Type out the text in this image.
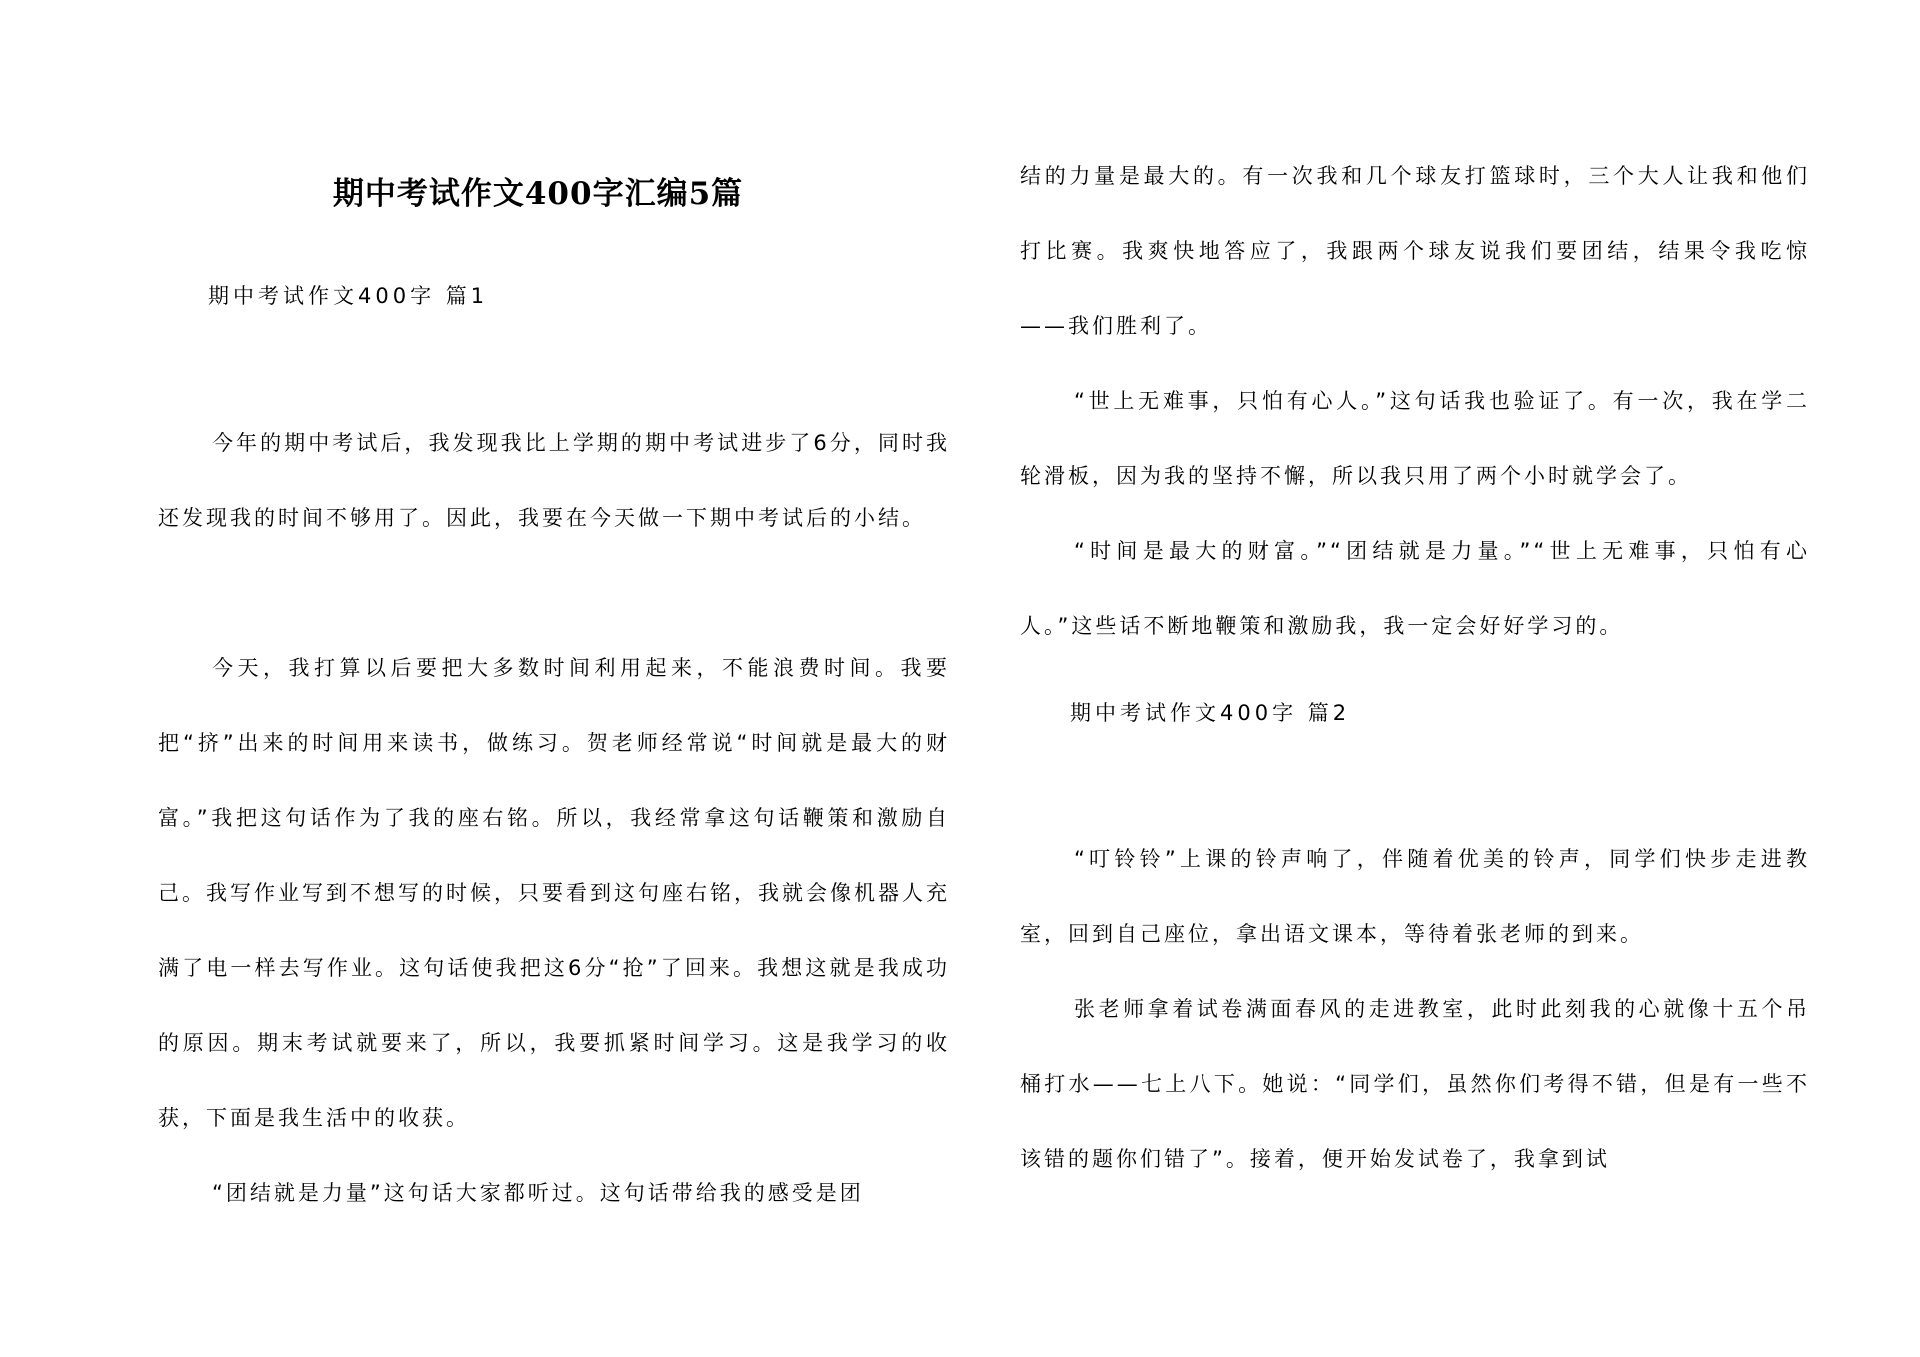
期中考试作文400字汇编5篇
期中考试作文400字 篇1

今年的期中考试后，我发现我比上学期的期中考试进步了6分，同时我还发现我的时间不够用了。因此，我要在今天做一下期中考试后的小结。

今天，我打算以后要把大多数时间利用起来，不能浪费时间。我要把“挤”出来的时间用来读书，做练习。贺老师经常说“时间就是最大的财富。”我把这句话作为了我的座右铭。所以，我经常拿这句话鞭策和激励自己。我写作业写到不想写的时候，只要看到这句座右铭，我就会像机器人充满了电一样去写作业。这句话使我把这6分“抢”了回来。我想这就是我成功的原因。期末考试就要来了，所以，我要抓紧时间学习。这是我学习的收获，下面是我生活中的收获。

“团结就是力量”这句话大家都听过。这句话带给我的感受是团

结的力量是最大的。有一次我和几个球友打篮球时，三个大人让我和他们打比赛。我爽快地答应了，我跟两个球友说我们要团结，结果令我吃惊——我们胜利了。

“世上无难事，只怕有心人。”这句话我也验证了。有一次，我在学二轮滑板，因为我的坚持不懈，所以我只用了两个小时就学会了。

“时间是最大的财富。”“团结就是力量。”“世上无难事，只怕有心人。”这些话不断地鞭策和激励我，我一定会好好学习的。

期中考试作文400字 篇2

“叮铃铃”上课的铃声响了，伴随着优美的铃声，同学们快步走进教室，回到自己座位，拿出语文课本，等待着张老师的到来。

张老师拿着试卷满面春风的走进教室，此时此刻我的心就像十五个吊桶打水——七上八下。她说：“同学们，虽然你们考得不错，但是有一些不该错的题你们错了”。接着，便开始发试卷了，我拿到试
